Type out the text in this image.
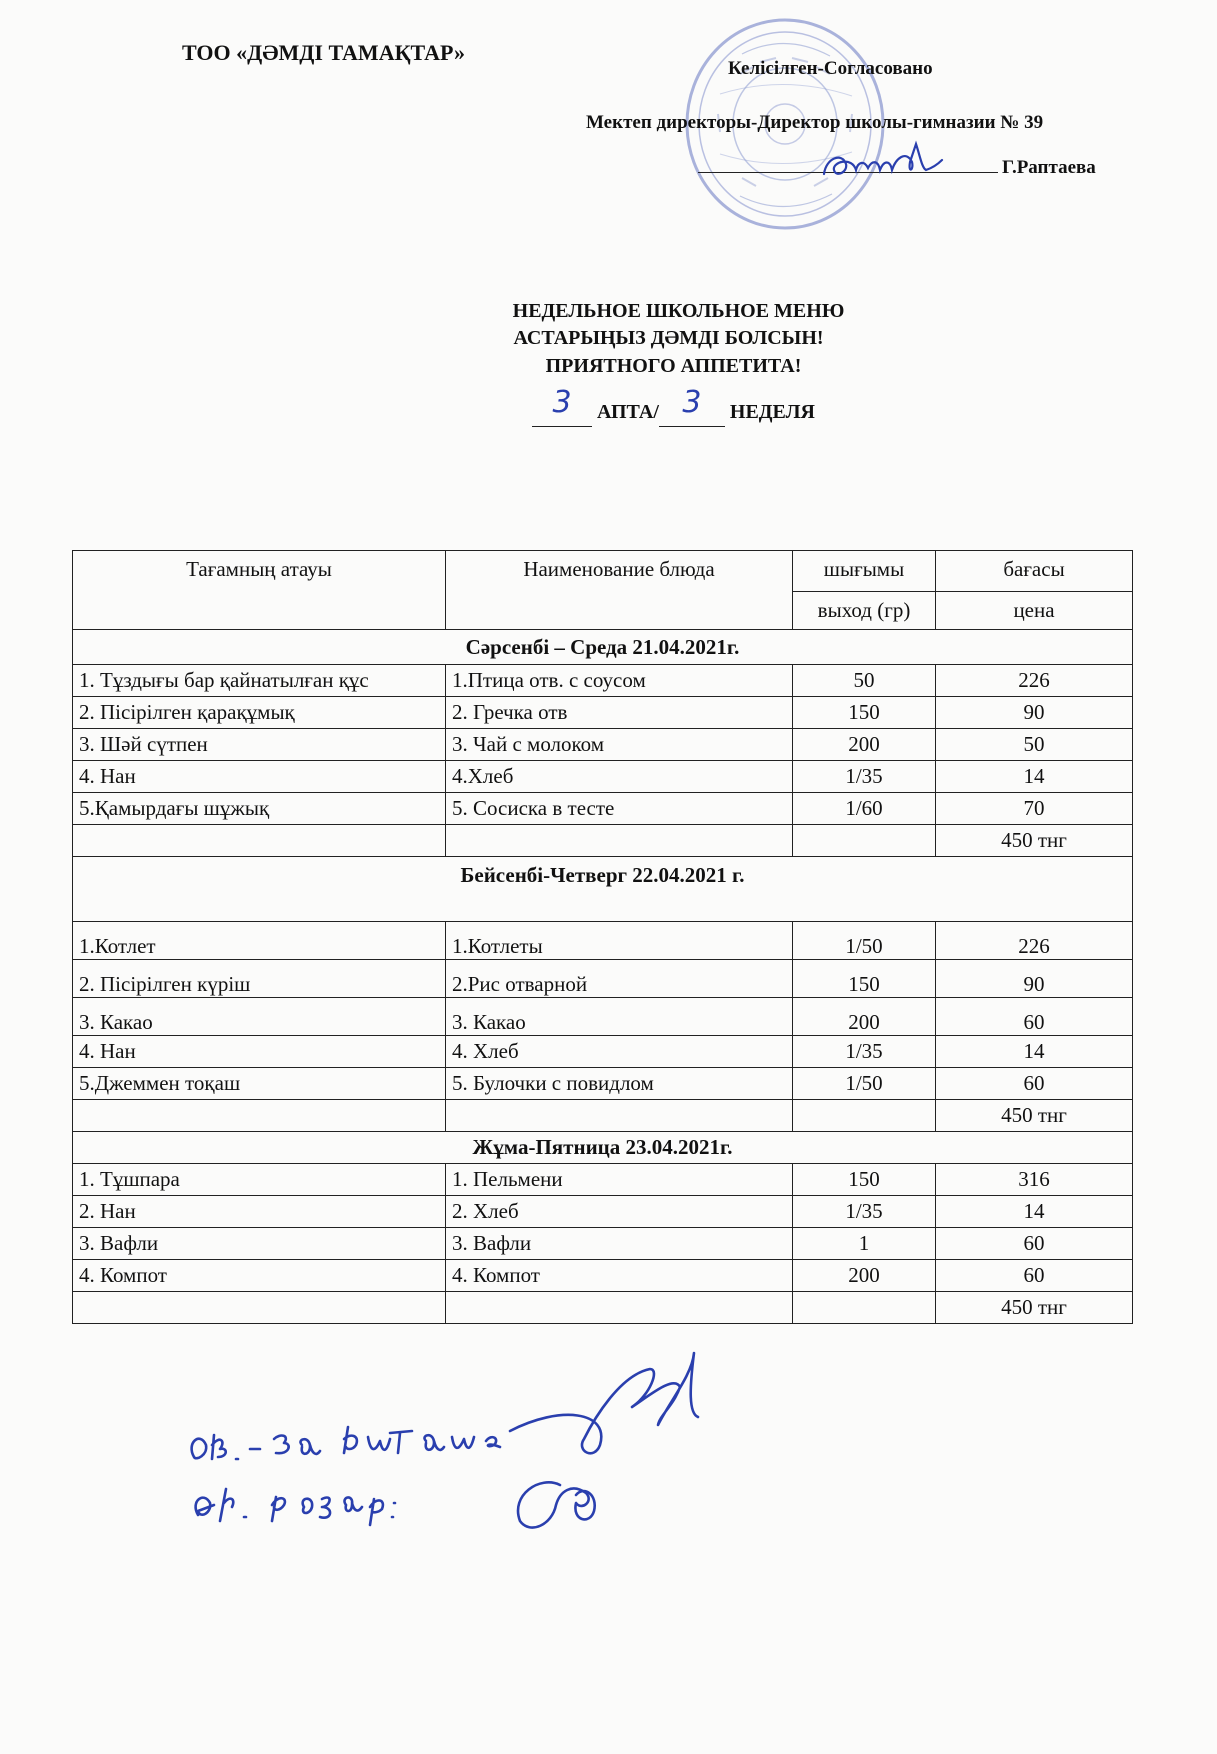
ТОО «ДƏМДІ ТАМАҚТАР»
Келісілген-Согласовано
Мектеп директоры-Директор школы-гимназии № 39
Г.Раптаева
НЕДЕЛЬНОЕ ШКОЛЬНОЕ МЕНЮ
АСТАРЫҢЫЗ ДƏМДІ БОЛСЫН!
ПРИЯТНОГО АППЕТИТА!
3 АПТА/ 3 НЕДЕЛЯ
Тағамның атауы	Наименование блюда	шығымы	бағасы
		выход (гр)	цена
Сəрсенбі – Среда 21.04.2021г.			
1. Тұздығы бар қайнатылған құс	1.Птица отв. с соусом	50	226
2. Пісірілген қарақұмық	2. Гречка отв	150	90
3. Шəй сүтпен	3. Чай с молоком	200	50
4. Нан	4.Хлеб	1/35	14
5.Қамырдағы шұжық	5. Сосиска в тесте	1/60	70
			450 тнг
Бейсенбі-Четверг 22.04.2021 г.			
1.Котлет	1.Котлеты	1/50	226
2. Пісірілген күріш	2.Рис отварной	150	90
3. Какао	3. Какао	200	60
4. Нан	4. Хлеб	1/35	14
5.Джеммен тоқаш	5. Булочки с повидлом	1/50	60
			450 тнг
Жұма-Пятница 23.04.2021г.			
1. Тұшпара	1. Пельмени	150	316
2. Нан	2. Хлеб	1/35	14
3. Вафли	3. Вафли	1	60
4. Компот	4. Компот	200	60
			450 тнг
